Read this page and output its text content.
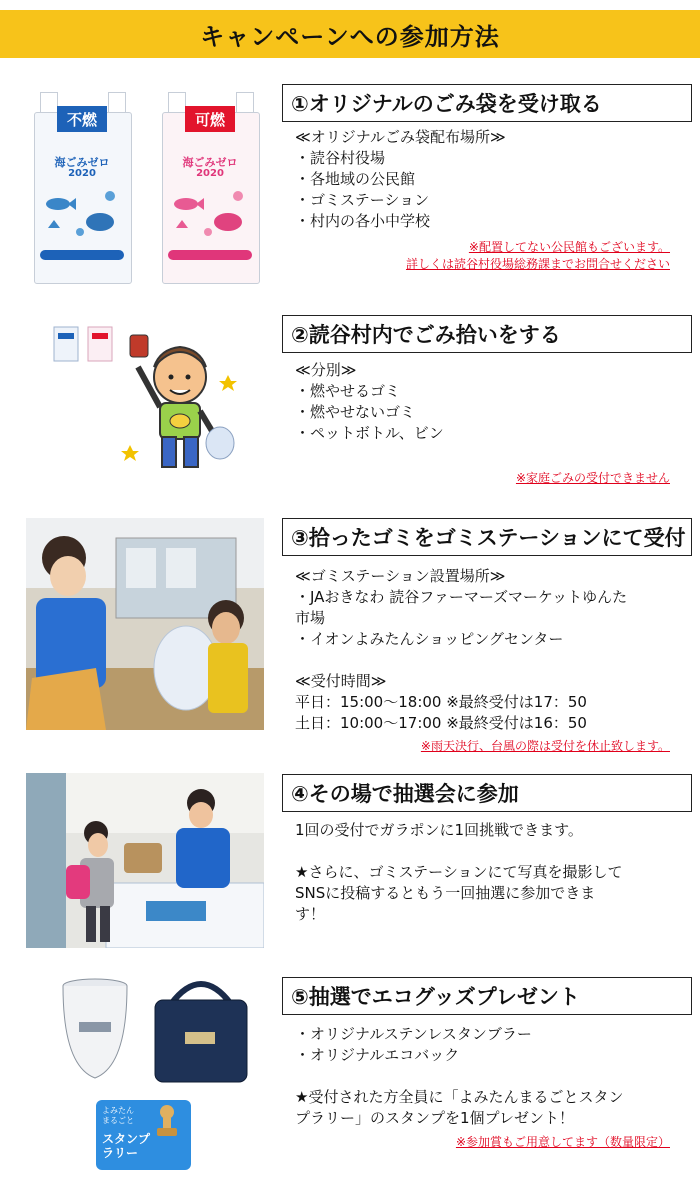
キャンペーンへの参加方法
不燃
海ごみゼロ
2020
可燃
海ごみゼロ
2020
①オリジナルのごみ袋を受け取る
≪オリジナルごみ袋配布場所≫
・読谷村役場
・各地域の公民館
・ゴミステーション
・村内の各小中学校
※配置してない公民館もございます。
詳しくは読谷村役場総務課までお問合せください
②読谷村内でごみ拾いをする
≪分別≫
・燃やせるゴミ
・燃やせないゴミ
・ペットボトル、ビン
※家庭ごみの受付できません
③拾ったゴミをゴミステーションにて受付
≪ゴミステーション設置場所≫
・JAおきなわ 読谷ファーマーズマーケットゆんた
市場
・イオンよみたんショッピングセンター
≪受付時間≫
平日：15:00～18:00 ※最終受付は17：50
土日：10:00～17:00 ※最終受付は16：50
※雨天決行、台風の際は受付を休止致します。
④その場で抽選会に参加
1回の受付でガラポンに1回挑戦できます。
★さらに、ゴミステーションにて写真を撮影して
SNSに投稿するともう一回抽選に参加できま
す！
よみたん
まるごと
スタンプ
ラリー
⑤抽選でエコグッズプレゼント
・オリジナルステンレスタンブラー
・オリジナルエコバック
★受付された方全員に「よみたんまるごとスタン
プラリー」のスタンプを1個プレゼント！
※参加賞もご用意してます（数量限定）
